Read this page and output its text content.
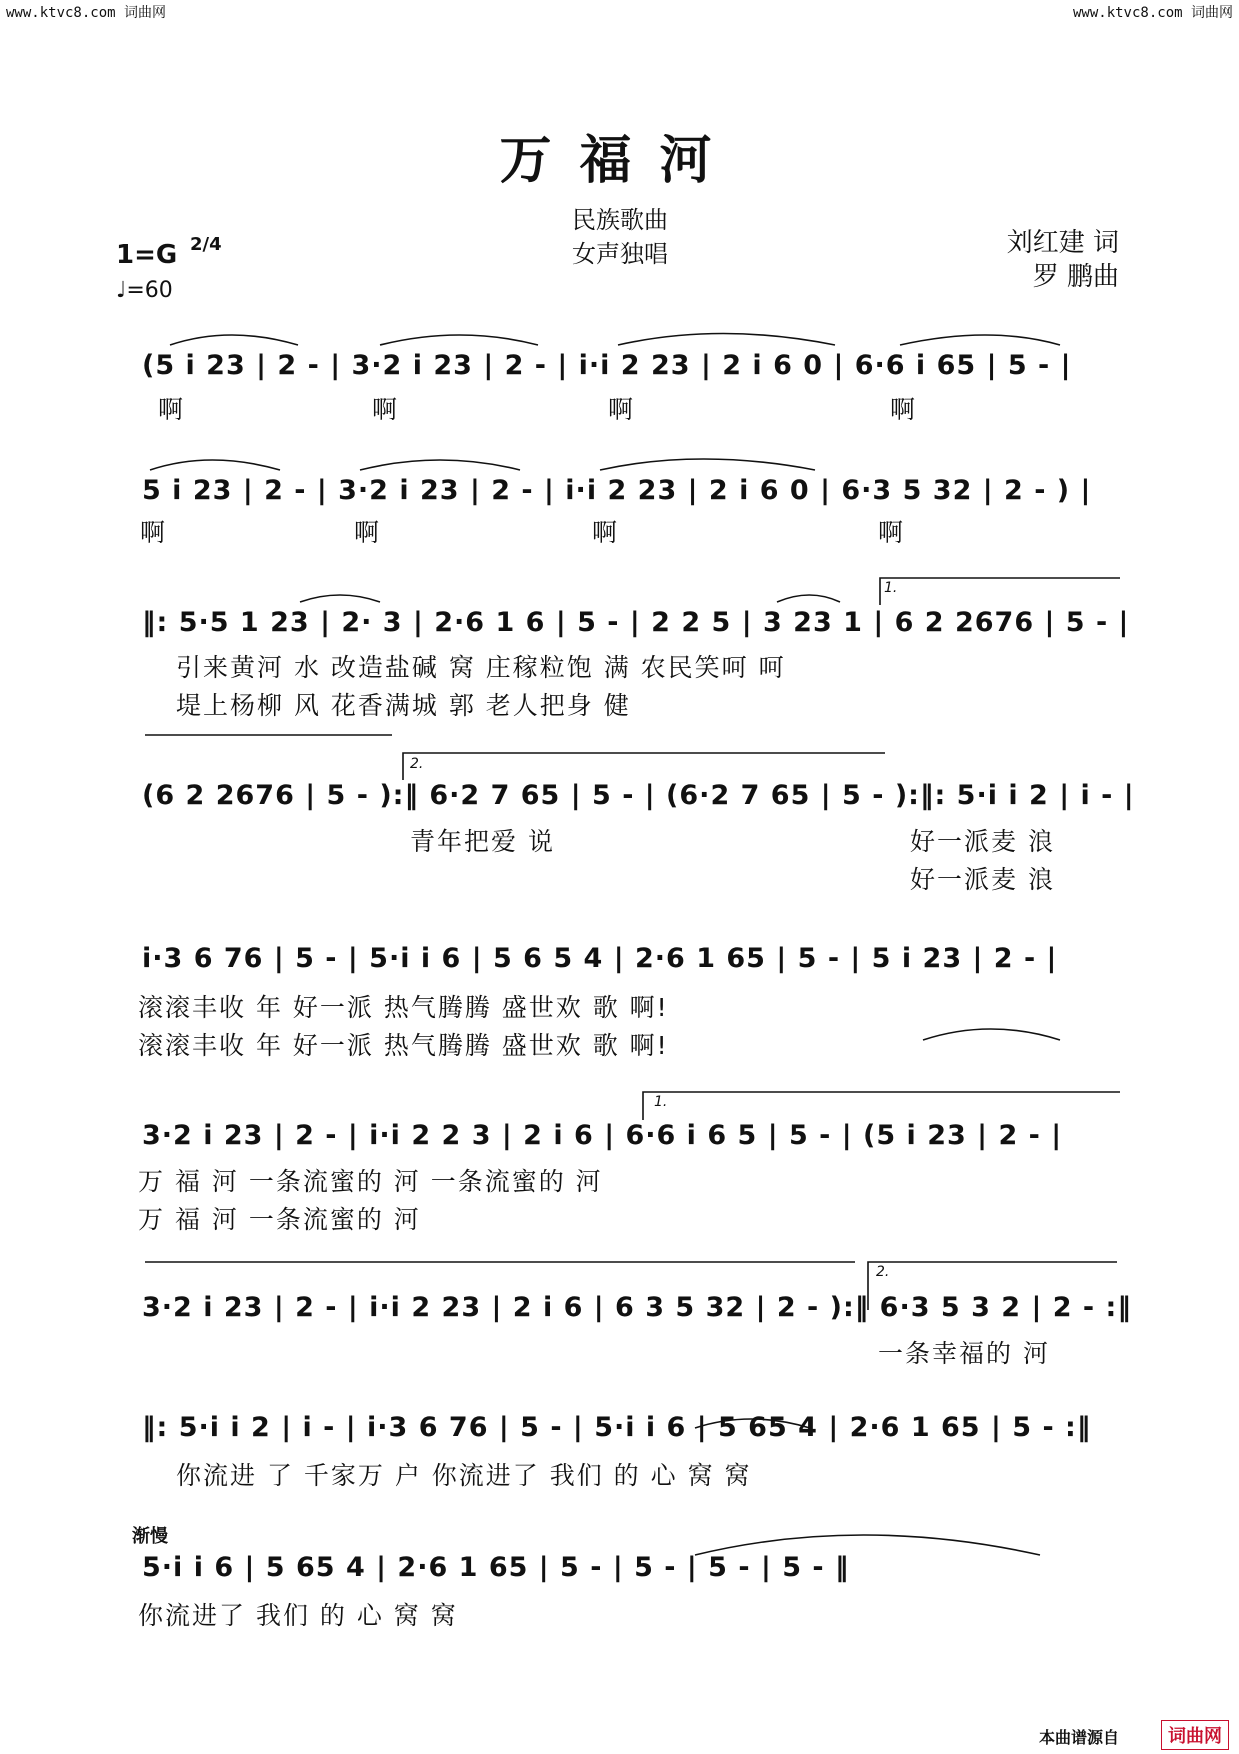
www.ktvc8.com 词曲网	www.ktvc8.com 词曲网
万福河
民族歌曲
女声独唱	刘红建 词
罗 鹏曲
1=G 2/4
♩=60
(5 i 23 | 2 - | 3·2 i 23 | 2 - | i·i 2 23 | 2 i 6 0 | 6·6 i 65 | 5 - |
啊	啊	啊	啊
5 i 23 | 2 - | 3·2 i 23 | 2 - | i·i 2 23 | 2 i 6 0 | 6·3 5 32 | 2 - ) |
啊	啊	啊	啊
1.
‖: 5·5 1 23 | 2· 3 | 2·6 1 6 | 5 - | 2 2 5 | 3 23 1 | 6 2 2676 | 5 - |
引来黄河 水 改造盐碱 窝 庄稼粒饱 满 农民笑呵 呵
堤上杨柳 风 花香满城 郭 老人把身 健
2.
(6 2 2676 | 5 - ):‖ 6·2 7 65 | 5 - | (6·2 7 65 | 5 - ):‖: 5·i i 2 | i - |
青年把爱 说	好一派麦 浪
好一派麦 浪
i·3 6 76 | 5 - | 5·i i 6 | 5 6 5 4 | 2·6 1 65 | 5 - | 5 i 23 | 2 - |
滚滚丰收 年 好一派 热气腾腾 盛世欢 歌 啊!
滚滚丰收 年 好一派 热气腾腾 盛世欢 歌 啊!
1.
3·2 i 23 | 2 - | i·i 2 2 3 | 2 i 6 | 6·6 i 6 5 | 5 - | (5 i 23 | 2 - |
万 福 河 一条流蜜的 河 一条流蜜的 河
万 福 河 一条流蜜的 河
2.
3·2 i 23 | 2 - | i·i 2 23 | 2 i 6 | 6 3 5 32 | 2 - ):‖ 6·3 5 3 2 | 2 - :‖
一条幸福的 河
‖: 5·i i 2 | i - | i·3 6 76 | 5 - | 5·i i 6 | 5 65 4 | 2·6 1 65 | 5 - :‖
你流进 了 千家万 户 你流进了 我们 的 心 窝 窝
渐慢
5·i i 6 | 5 65 4 | 2·6 1 65 | 5 - | 5 - | 5 - | 5 - ‖
你流进了 我们 的 心 窝 窝
本曲谱源自	词曲网
